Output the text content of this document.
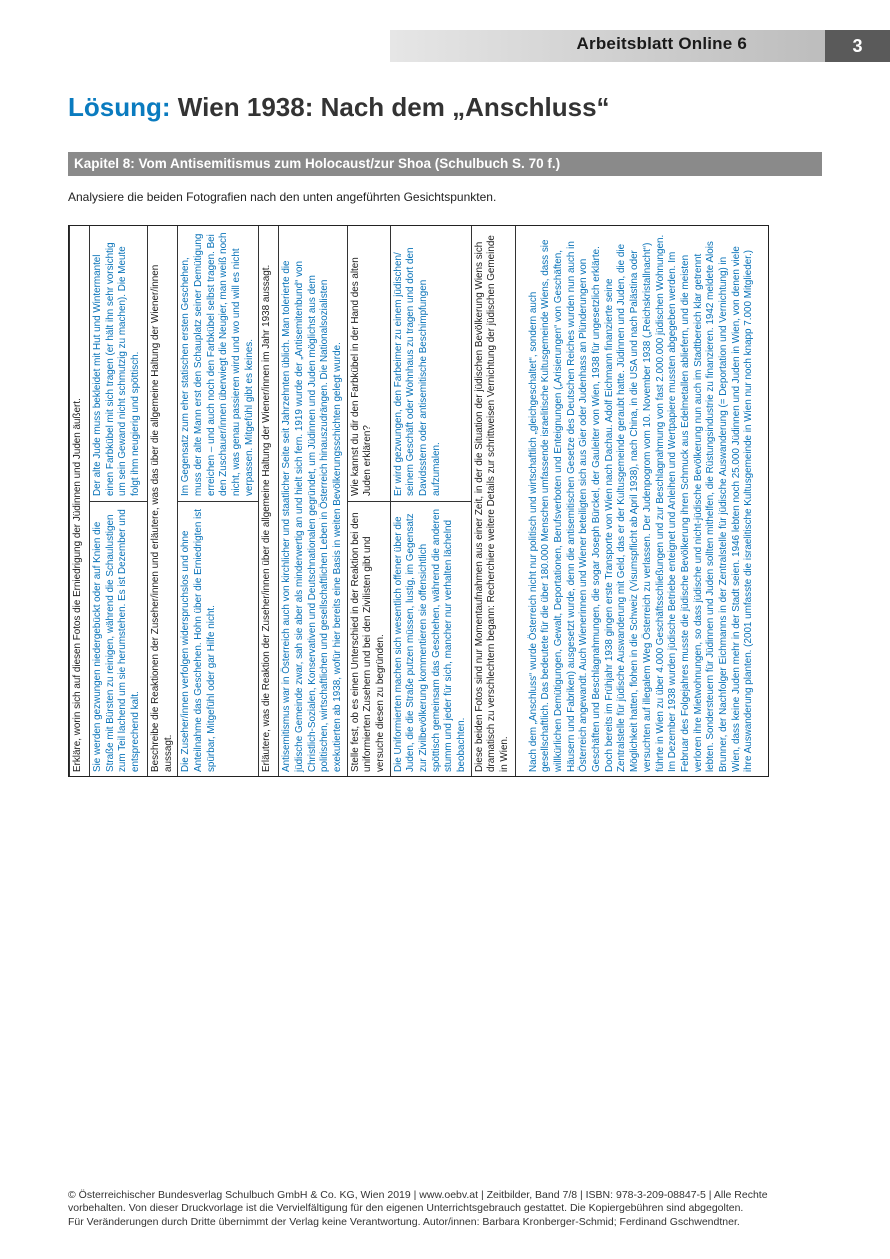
Arbeitsblatt Online 6	3
Lösung: Wien 1938: Nach dem „Anschluss“
Kapitel 8: Vom Antisemitismus zum Holocaust/zur Shoa (Schulbuch S. 70 f.)

Analysiere die beiden Fotografien nach den unten angeführten Gesichtspunkten.

Erkläre, worin sich auf diesen Fotos die Erniedrigung der Jüdinnen und Juden äußert.	
Sie werden gezwungen niedergebückt oder auf Knien die Straße mit Bürsten zu reinigen, während die Schaulustigen zum Teil lachend um sie herumstehen. Es ist Dezember und entsprechend kalt.	Der alte Jude muss bekleidet mit Hut und Wintermantel einen Farbkübel mit sich tragen (er hält ihn sehr vorsichtig um sein Gewand nicht schmutzig zu machen). Die Meute folgt ihm neugierig und spöttisch.
Beschreibe die Reaktionen der Zuseher/innen und erläutere, was das über die allgemeine Haltung der Wiener/innen aussagt.	
Die Zuseher/innen verfolgen widerspruchslos und ohne Anteilnahme das Geschehen. Hohn über die Erniedrigten ist spürbar, Mitgefühl oder gar Hilfe nicht.	Im Gegensatz zum eher statischen ersten Geschehen, muss der alte Mann erst den Schauplatz seiner Demütigung erreichen – und auch noch den Farbkübel selbst tragen. Bei den Zuschauer/innen überwiegt die Neugier, man weiß noch nicht, was genau passieren wird und wo und will es nicht verpassen. Mitgefühl gibt es keines.
Erläutere, was die Reaktion der Zuseher/innen über die allgemeine Haltung der Wiener/innen im Jahr 1938 aussagt.	
Antisemitismus war in Österreich auch von kirchlicher und staatlicher Seite seit Jahrzehnten üblich. Man tolerierte die jüdische Gemeinde zwar, sah sie aber als minderwertig an und hielt sich fern. 1919 wurde der „Antisemitenbund“ von Christlich-Sozialen, Konservativen und Deutschnationalen gegründet, um Jüdinnen und Juden möglichst aus dem politischen, wirtschaftlichen und gesellschaftlichen Leben in Österreich hinauszudrängen. Die Nationalsozialisten exekutierten ab 1938, wofür hier bereits eine Basis in weiten Bevölkerungsschichten gelegt wurde.	
Stelle fest, ob es einen Unterschied in der Reaktion bei den uniformierten Zusehern und bei den Zivilisten gibt und versuche diesen zu begründen.	Wie kannst du dir den Farbkübel in der Hand des alten Juden erklären?
Die Uniformierten machen sich wesentlich offener über die Juden, die die Straße putzen müssen, lustig, im Gegensatz zur Zivilbevölkerung kommentieren sie offensichtlich spöttisch gemeinsam das Geschehen, während die anderen stumm und jeder für sich, mancher nur verhalten lächelnd beobachten.	Er wird gezwungen, den Farbeimer zu einem jüdischen/ seinem Geschäft oder Wohnhaus zu tragen und dort den Davidsstern oder antisemitische Beschimpfungen aufzumalen.
Diese beiden Fotos sind nur Momentaufnahmen aus einer Zeit, in der die Situation der jüdischen Bevölkerung Wiens sich dramatisch zu verschlechtern begann: Recherchiere weitere Details zur schrittweisen Vernichtung der jüdischen Gemeinde in Wien.	
Nach dem „Anschluss“ wurde Österreich nicht nur politisch und wirtschaftlich „gleichgeschaltet“, sondern auch gesellschaftlich. Das bedeutete für die über 180.000 Menschen umfassende israelitische Kultusgemeinde Wiens, dass sie willkürlichen Demütigungen, Gewalt, Deportationen, Berufsverboten und Enteignungen („Arisierungen“ von Geschäften, Häusern und Fabriken) ausgesetzt wurde, denn die antisemitischen Gesetze des Deutschen Reiches wurden nun auch in Österreich angewandt. Auch Wienerinnen und Wiener beteiligten sich aus Gier oder Judenhass an Plünderungen von Geschäften und Beschlagnahmungen, die sogar Joseph Bürckel, der Gauleiter von Wien, 1938 für ungesetzlich erklärte. Doch bereits im Frühjahr 1938 gingen erste Transporte von Wien nach Dachau. Adolf Eichmann finanzierte seine Zentralstelle für jüdische Auswanderung mit Geld, das er der Kultusgemeinde geraubt hatte. Jüdinnen und Juden, die die Möglichkeit hatten, flohen in die Schweiz (Visumspflicht ab April 1938), nach China, in die USA und nach Palästina oder versuchten auf illegalem Weg Österreich zu verlassen. Der Judenpogrom vom 10. November 1938 („Reichskristallnacht“) führte in Wien zu über 4.000 Geschäftsschließungen und zur Beschlagnahmung von fast 2.000.000 jüdischen Wohnungen. Im Dezember 1938 wurden jüdische Betriebe enteignet und Anleihen und Wertpapiere mussten abgegeben werden. Im Februar des Folgejahres musste die jüdische Bevölkerung ihren Schmuck aus Edelmetallen abliefern, und die meisten verloren ihre Mietwohnungen, so dass jüdische und nicht-jüdische Bevölkerung nun auch im Stadtbereich klar getrennt lebten. Sondersteuern für Jüdinnen und Juden sollten mithelfen, die Rüstungsindustrie zu finanzieren. 1942 meldete Alois Brunner, der Nachfolger Eichmanns in der Zentralstelle für jüdische Auswanderung (= Deportation und Vernichtung) in Wien, dass keine Juden mehr in der Stadt seien. 1946 lebten noch 25.000 Jüdinnen und Juden in Wien, von denen viele ihre Auswanderung planten. (2001 umfasste die israelitische Kultusgemeinde in Wien nur noch knapp 7.000 Mitglieder.)	

© Österreichischer Bundesverlag Schulbuch GmbH & Co. KG, Wien 2019 | www.oebv.at | Zeitbilder, Band 7/8 | ISBN: 978-3-209-08847-5 | Alle Rechte vorbehalten. Von dieser Druckvorlage ist die Vervielfältigung für den eigenen Unterrichtsgebrauch gestattet. Die Kopiergebühren sind abgegolten.

Für Veränderungen durch Dritte übernimmt der Verlag keine Verantwortung. Autor/innen: Barbara Kronberger-Schmid; Ferdinand Gschwendtner.
